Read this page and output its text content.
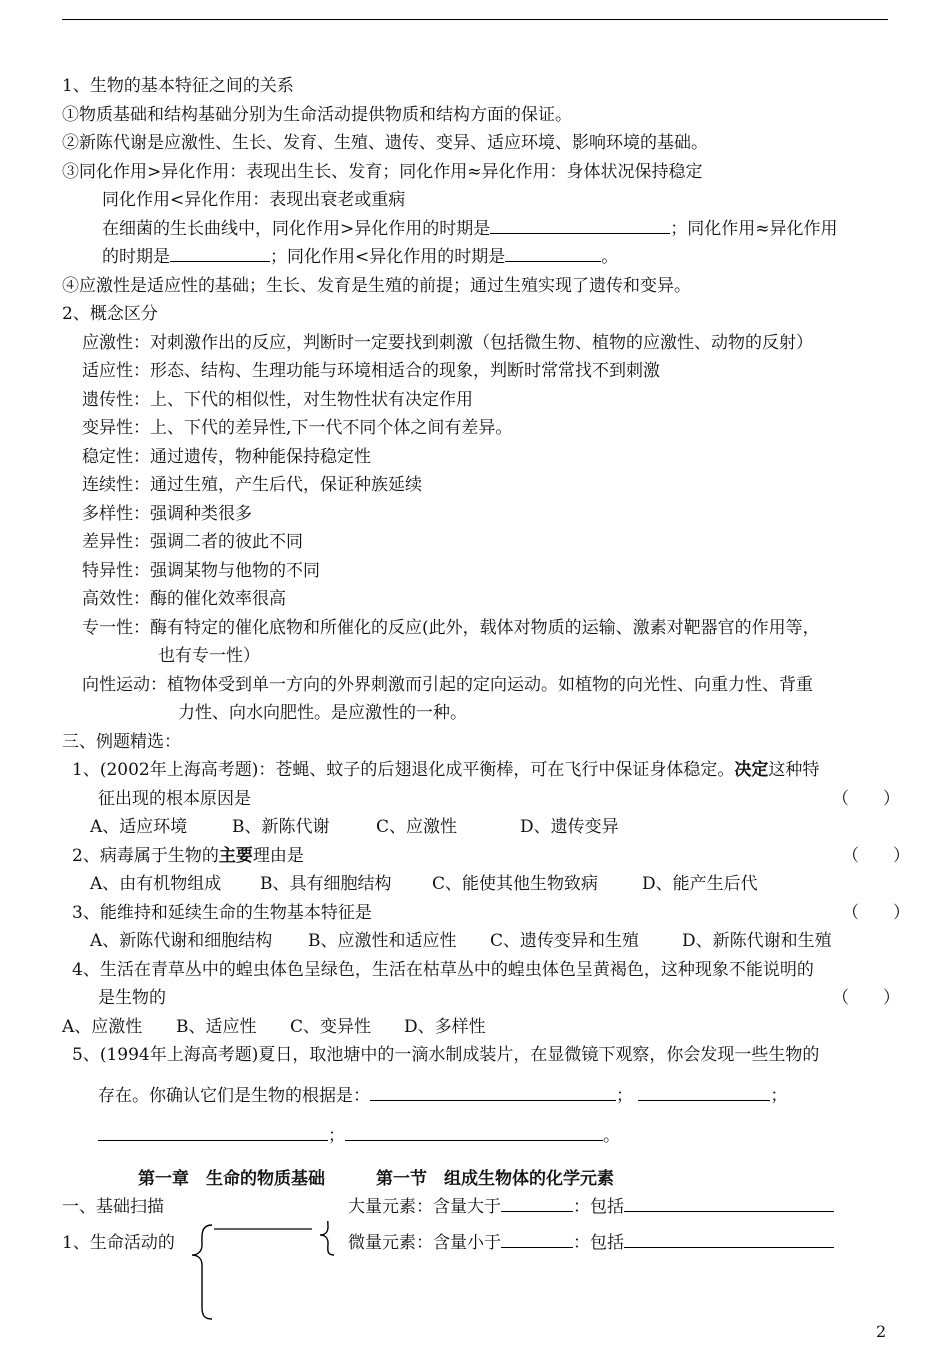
1、生物的基本特征之间的关系
①物质基础和结构基础分别为生命活动提供物质和结构方面的保证。
②新陈代谢是应激性、生长、发育、生殖、遗传、变异、适应环境、影响环境的基础。
③同化作用>异化作用：表现出生长、发育；同化作用≈异化作用：身体状况保持稳定
同化作用<异化作用：表现出衰老或重病
在细菌的生长曲线中，同化作用>异化作用的时期是	；同化作用≈异化作用
的时期是	；同化作用<异化作用的时期是	。
④应激性是适应性的基础；生长、发育是生殖的前提；通过生殖实现了遗传和变异。
2、概念区分
应激性：对刺激作出的反应，判断时一定要找到刺激（包括微生物、植物的应激性、动物的反射）
适应性：形态、结构、生理功能与环境相适合的现象，判断时常常找不到刺激
遗传性：上、下代的相似性，对生物性状有决定作用
变异性：上、下代的差异性,下一代不同个体之间有差异。
稳定性：通过遗传，物种能保持稳定性
连续性：通过生殖，产生后代，保证种族延续
多样性：强调种类很多
差异性：强调二者的彼此不同
特异性：强调某物与他物的不同
高效性：酶的催化效率很高
专一性：酶有特定的催化底物和所催化的反应(此外，载体对物质的运输、激素对靶器官的作用等，
也有专一性）
向性运动：植物体受到单一方向的外界刺激而引起的定向运动。如植物的向光性、向重力性、背重
力性、向水向肥性。是应激性的一种。
三、例题精选：
1、(2002年上海高考题)：苍蝇、蚊子的后翅退化成平衡棒，可在飞行中保证身体稳定。决定这种特
征出现的根本原因是	（　　）
A、适应环境	B、新陈代谢	C、应激性	D、遗传变异
2、病毒属于生物的主要理由是	（　　）
A、由有机物组成 B、具有细胞结构 C、能使其他生物致病	D、能产生后代
3、能维持和延续生命的生物基本特征是	（　　）
A、新陈代谢和细胞结构 B、应激性和适应性 C、遗传变异和生殖	D、新陈代谢和生殖
4、生活在青草丛中的蝗虫体色呈绿色，生活在枯草丛中的蝗虫体色呈黄褐色，这种现象不能说明的
是生物的	（　　）
A、应激性 B、适应性 C、变异性 D、多样性
5、(1994年上海高考题)夏日，取池塘中的一滴水制成装片，在显微镜下观察，你会发现一些生物的
存在。你确认它们是生物的根据是：	；	；
；	。
第一章　生命的物质基础　　　第一节　组成生物体的化学元素
一、基础扫描
1、生命活动的
大量元素：含量大于	：包括
微量元素：含量小于	：包括
2
